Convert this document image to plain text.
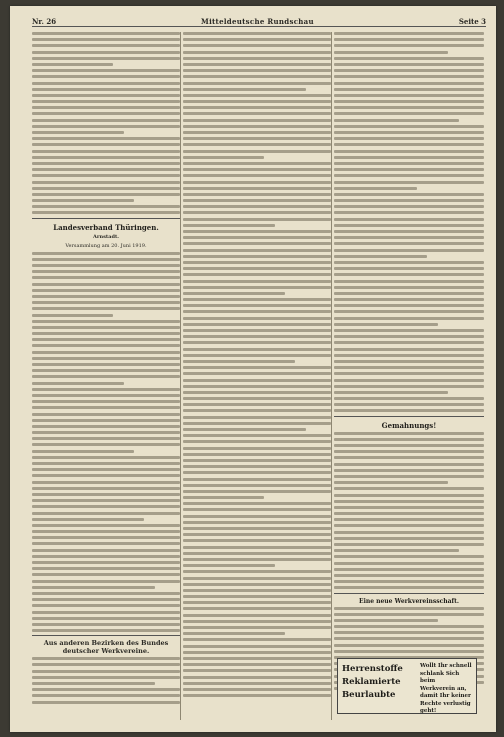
Nr. 26	Mitteldeutsche Rundschau	Seite 3
Landesverband Thüringen.
Arnstadt.
Versammlung am 20. Juni 1919.
Aus anderen Bezirken des Bundes deutscher Werkvereine.
Gemahnungs!
Eine neue Werkvereinsschaft.
Herrenstoffe Reklamierte Beurlaubte
Wollt Ihr schnell schlank Sich beim Werkverein an, damit Ihr keiner Rechte verlustig geht!
